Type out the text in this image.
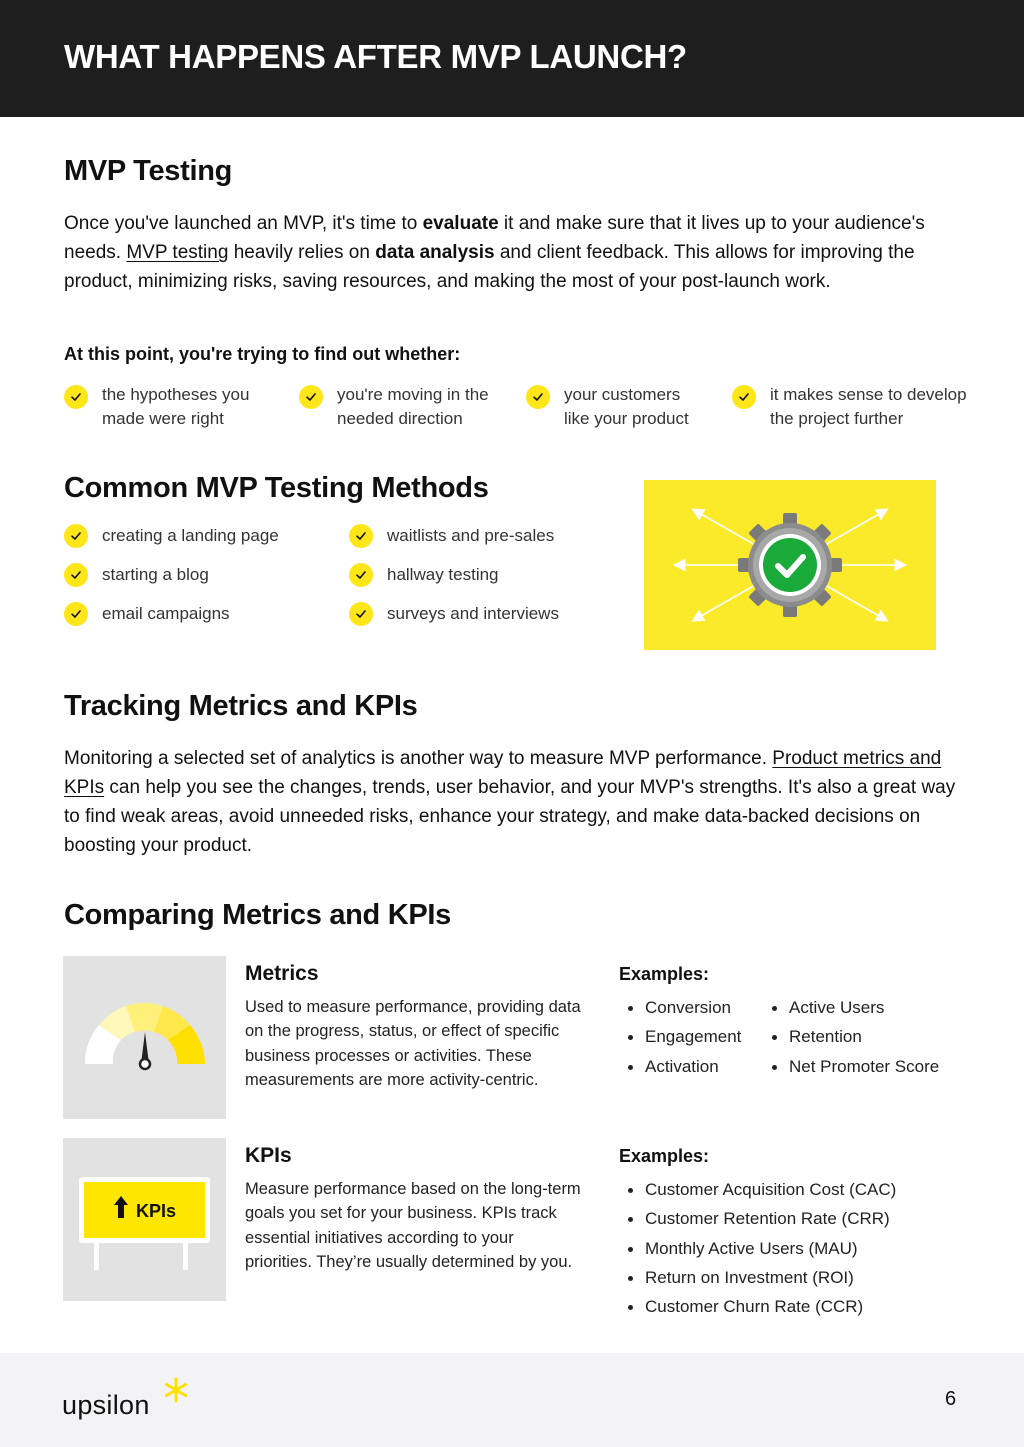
WHAT HAPPENS AFTER MVP LAUNCH?
MVP Testing

Once you've launched an MVP, it's time to evaluate it and make sure that it lives up to your audience's needs. MVP testing heavily relies on data analysis and client feedback. This allows for improving the product, minimizing risks, saving resources, and making the most of your post-launch work.

At this point, you're trying to find out whether:
the hypotheses you
made were right
you're moving in the
needed direction
your customers
like your product
it makes sense to develop
the project further
Common MVP Testing Methods
creating a landing page
starting a blog
email campaigns
waitlists and pre-sales
hallway testing
surveys and interviews
Tracking Metrics and KPIs

Monitoring a selected set of analytics is another way to measure MVP performance. Product metrics and KPIs can help you see the changes, trends, user behavior, and your MVP's strengths. It's also a great way to find weak areas, avoid unneeded risks, enhance your strategy, and make data-backed decisions on boosting your product.

Comparing Metrics and KPIs
Metrics

Used to measure performance, providing data on the progress, status, or effect of specific business processes or activities. These measurements are more activity-centric.

Examples:
Conversion
Engagement
Activation
Active Users
Retention
Net Promoter Score
KPIs
KPIs

Measure performance based on the long-term goals you set for your business. KPIs track essential initiatives according to your priorities. They’re usually determined by you.

Examples:
Customer Acquisition Cost (CAC)
Customer Retention Rate (CRR)
Monthly Active Users (MAU)
Return on Investment (ROI)
Customer Churn Rate (CCR)
upsilon	6
